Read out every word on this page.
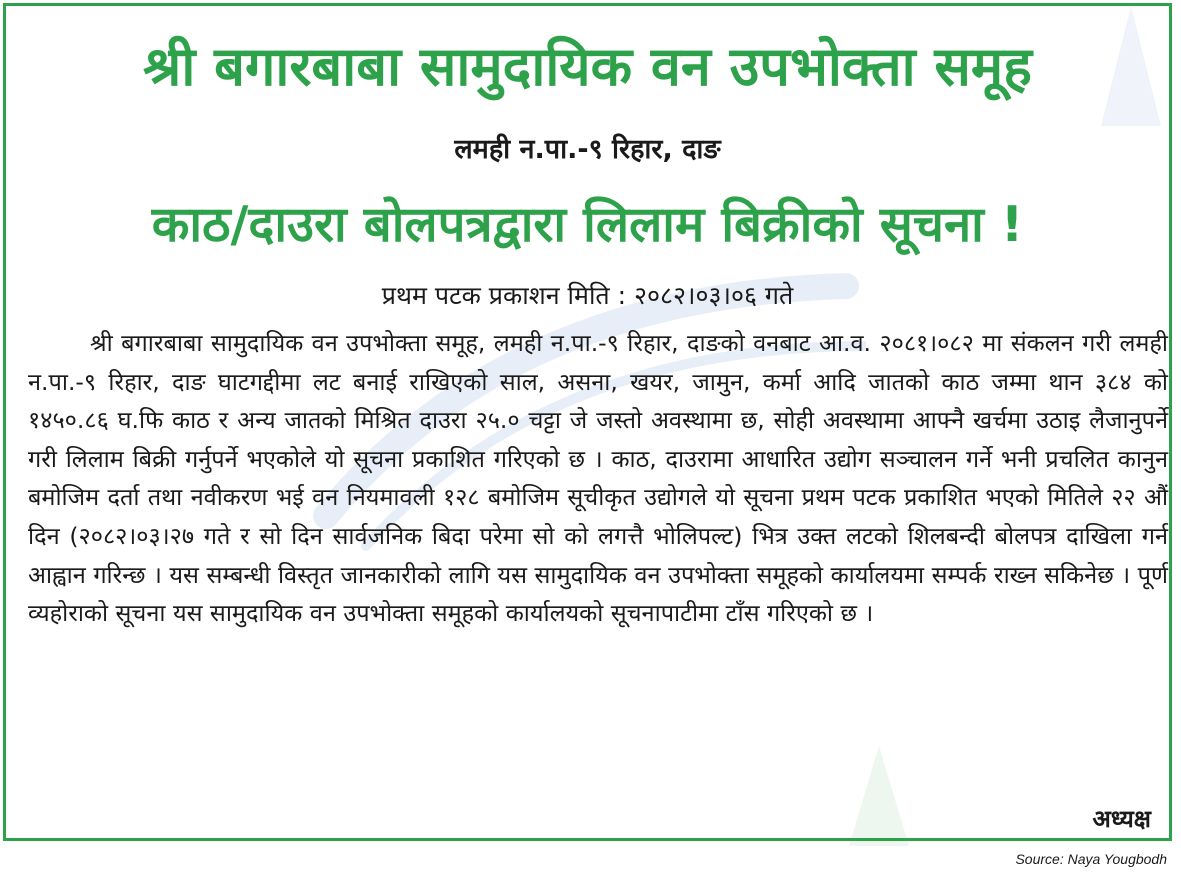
श्री बगारबाबा सामुदायिक वन उपभोक्ता समूह
लमही न.पा.-९ रिहार, दाङ
काठ/दाउरा बोलपत्रद्वारा लिलाम बिक्रीको सूचना !
प्रथम पटक प्रकाशन मिति : २०८२।०३।०६ गते

श्री बगारबाबा सामुदायिक वन उपभोक्ता समूह, लमही न.पा.-९ रिहार, दाङको वनबाट आ.व. २०८१।०८२ मा संकलन गरी लमही न.पा.-९ रिहार, दाङ घाटगद्दीमा लट बनाई राखिएको साल, असना, खयर, जामुन, कर्मा आदि जातको काठ जम्मा थान ३८४ को १४५०.८६ घ.फि काठ र अन्य जातको मिश्रित दाउरा २५.० चट्टा जे जस्तो अवस्थामा छ, सोही अवस्थामा आफ्नै खर्चमा उठाइ लैजानुपर्ने गरी लिलाम बिक्री गर्नुपर्ने भएकोले यो सूचना प्रकाशित गरिएको छ । काठ, दाउरामा आधारित उद्योग सञ्चालन गर्ने भनी प्रचलित कानुन बमोजिम दर्ता तथा नवीकरण भई वन नियमावली १२८ बमोजिम सूचीकृत उद्योगले यो सूचना प्रथम पटक प्रकाशित भएको मितिले २२ औं दिन (२०८२।०३।२७ गते र सो दिन सार्वजनिक बिदा परेमा सो को लगत्तै भोलिपल्ट) भित्र उक्त लटको शिलबन्दी बोलपत्र दाखिला गर्न आह्वान गरिन्छ । यस सम्बन्धी विस्तृत जानकारीको लागि यस सामुदायिक वन उपभोक्ता समूहको कार्यालयमा सम्पर्क राख्न सकिनेछ । पूर्ण व्यहोराको सूचना यस सामुदायिक वन उपभोक्ता समूहको कार्यालयको सूचनापाटीमा टाँस गरिएको छ ।

अध्यक्ष
Source: Naya Yougbodh
